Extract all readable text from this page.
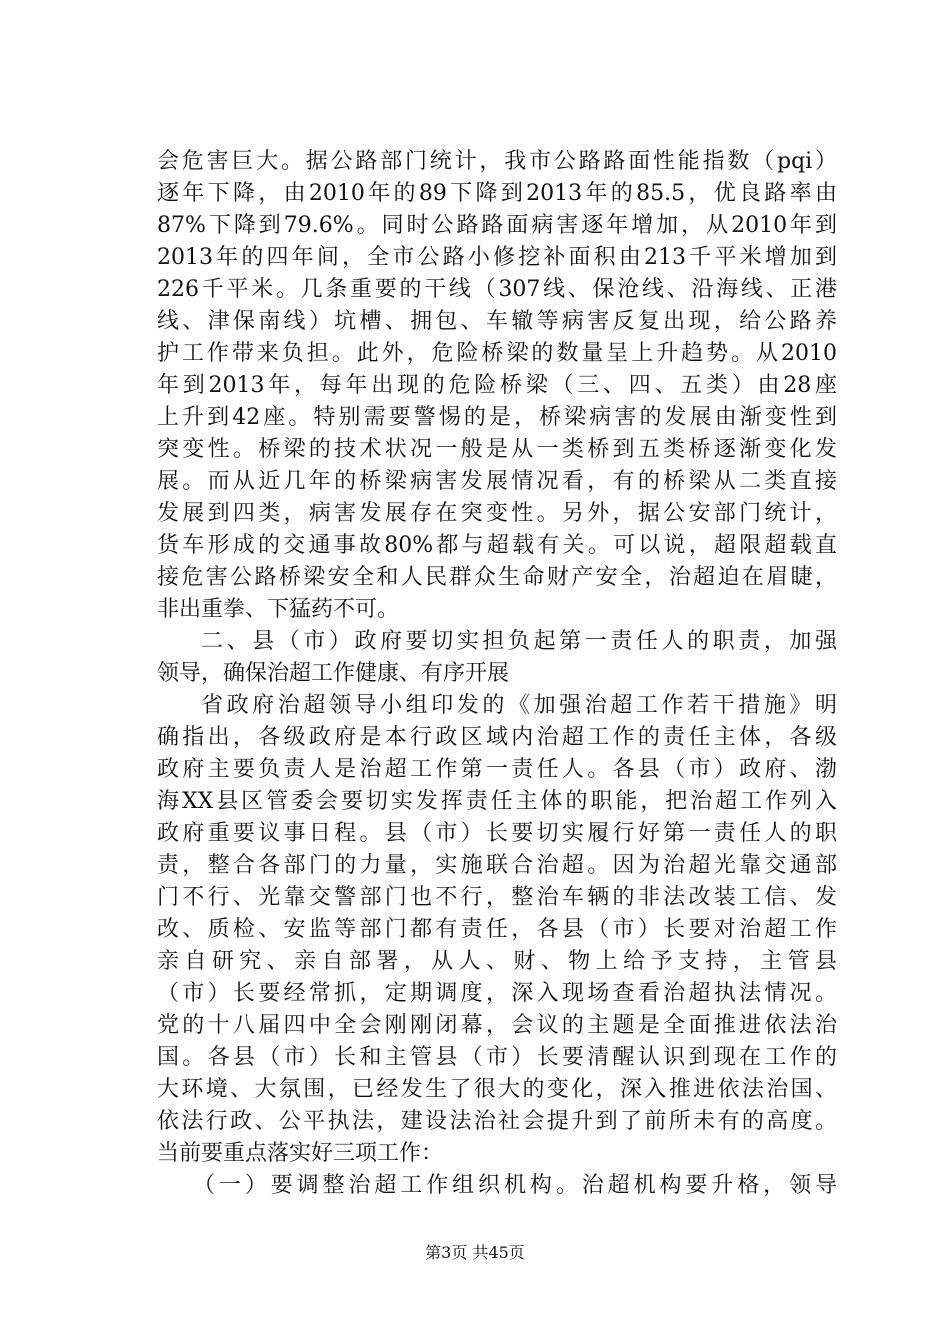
会危害巨大。据公路部门统计，我市公路路面性能指数（pqi）
逐年下降，由2010年的89下降到2013年的85.5，优良路率由
87%下降到79.6%。同时公路路面病害逐年增加，从2010年到
2013年的四年间，全市公路小修挖补面积由213千平米增加到
226千平米。几条重要的干线（307线、保沧线、沿海线、正港
线、津保南线）坑槽、拥包、车辙等病害反复出现，给公路养
护工作带来负担。此外，危险桥梁的数量呈上升趋势。从2010
年到2013年，每年出现的危险桥梁（三、四、五类）由28座
上升到42座。特别需要警惕的是，桥梁病害的发展由渐变性到
突变性。桥梁的技术状况一般是从一类桥到五类桥逐渐变化发
展。而从近几年的桥梁病害发展情况看，有的桥梁从二类直接
发展到四类，病害发展存在突变性。另外，据公安部门统计，
货车形成的交通事故80%都与超载有关。可以说，超限超载直
接危害公路桥梁安全和人民群众生命财产安全，治超迫在眉睫，
非出重拳、下猛药不可。
二、县（市）政府要切实担负起第一责任人的职责，加强
领导，确保治超工作健康、有序开展
省政府治超领导小组印发的《加强治超工作若干措施》明
确指出，各级政府是本行政区域内治超工作的责任主体，各级
政府主要负责人是治超工作第一责任人。各县（市）政府、渤
海XX县区管委会要切实发挥责任主体的职能，把治超工作列入
政府重要议事日程。县（市）长要切实履行好第一责任人的职
责，整合各部门的力量，实施联合治超。因为治超光靠交通部
门不行、光靠交警部门也不行，整治车辆的非法改装工信、发
改、质检、安监等部门都有责任，各县（市）长要对治超工作
亲自研究、亲自部署，从人、财、物上给予支持，主管县
（市）长要经常抓，定期调度，深入现场查看治超执法情况。
党的十八届四中全会刚刚闭幕，会议的主题是全面推进依法治
国。各县（市）长和主管县（市）长要清醒认识到现在工作的
大环境、大氛围，已经发生了很大的变化，深入推进依法治国、
依法行政、公平执法，建设法治社会提升到了前所未有的高度。
当前要重点落实好三项工作：
（一）要调整治超工作组织机构。治超机构要升格，领导
第3页 共45页
